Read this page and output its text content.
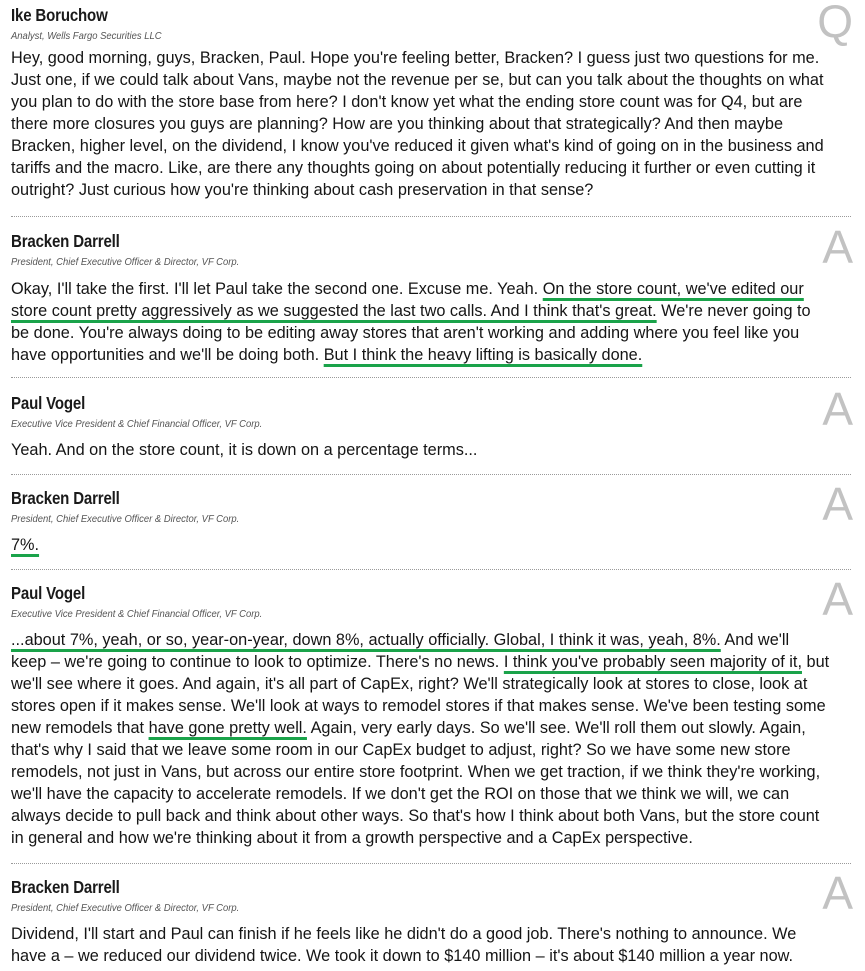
Ike Boruchow
Analyst, Wells Fargo Securities LLC	Q
Hey, good morning, guys, Bracken, Paul. Hope you're feeling better, Bracken? I guess just two questions for me.
Just one, if we could talk about Vans, maybe not the revenue per se, but can you talk about the thoughts on what
you plan to do with the store base from here? I don't know yet what the ending store count was for Q4, but are
there more closures you guys are planning? How are you thinking about that strategically? And then maybe
Bracken, higher level, on the dividend, I know you've reduced it given what's kind of going on in the business and
tariffs and the macro. Like, are there any thoughts going on about potentially reducing it further or even cutting it
outright? Just curious how you're thinking about cash preservation in that sense?
Bracken Darrell
President, Chief Executive Officer & Director, VF Corp.	A
Okay, I'll take the first. I'll let Paul take the second one. Excuse me. Yeah. On the store count, we've edited our
store count pretty aggressively as we suggested the last two calls. And I think that's great. We're never going to
be done. You're always doing to be editing away stores that aren't working and adding where you feel like you
have opportunities and we'll be doing both. But I think the heavy lifting is basically done.
Paul Vogel
Executive Vice President & Chief Financial Officer, VF Corp.	A
Yeah. And on the store count, it is down on a percentage terms...
Bracken Darrell
President, Chief Executive Officer & Director, VF Corp.	A
7%.
Paul Vogel
Executive Vice President & Chief Financial Officer, VF Corp.	A
...about 7%, yeah, or so, year-on-year, down 8%, actually officially. Global, I think it was, yeah, 8%. And we'll
keep – we're going to continue to look to optimize. There's no news. I think you've probably seen majority of it, but
we'll see where it goes. And again, it's all part of CapEx, right? We'll strategically look at stores to close, look at
stores open if it makes sense. We'll look at ways to remodel stores if that makes sense. We've been testing some
new remodels that have gone pretty well. Again, very early days. So we'll see. We'll roll them out slowly. Again,
that's why I said that we leave some room in our CapEx budget to adjust, right? So we have some new store
remodels, not just in Vans, but across our entire store footprint. When we get traction, if we think they're working,
we'll have the capacity to accelerate remodels. If we don't get the ROI on those that we think we will, we can
always decide to pull back and think about other ways. So that's how I think about both Vans, but the store count
in general and how we're thinking about it from a growth perspective and a CapEx perspective.
Bracken Darrell
President, Chief Executive Officer & Director, VF Corp.	A
Dividend, I'll start and Paul can finish if he feels like he didn't do a good job. There's nothing to announce. We
have a – we reduced our dividend twice. We took it down to $140 million – it's about $140 million a year now.
